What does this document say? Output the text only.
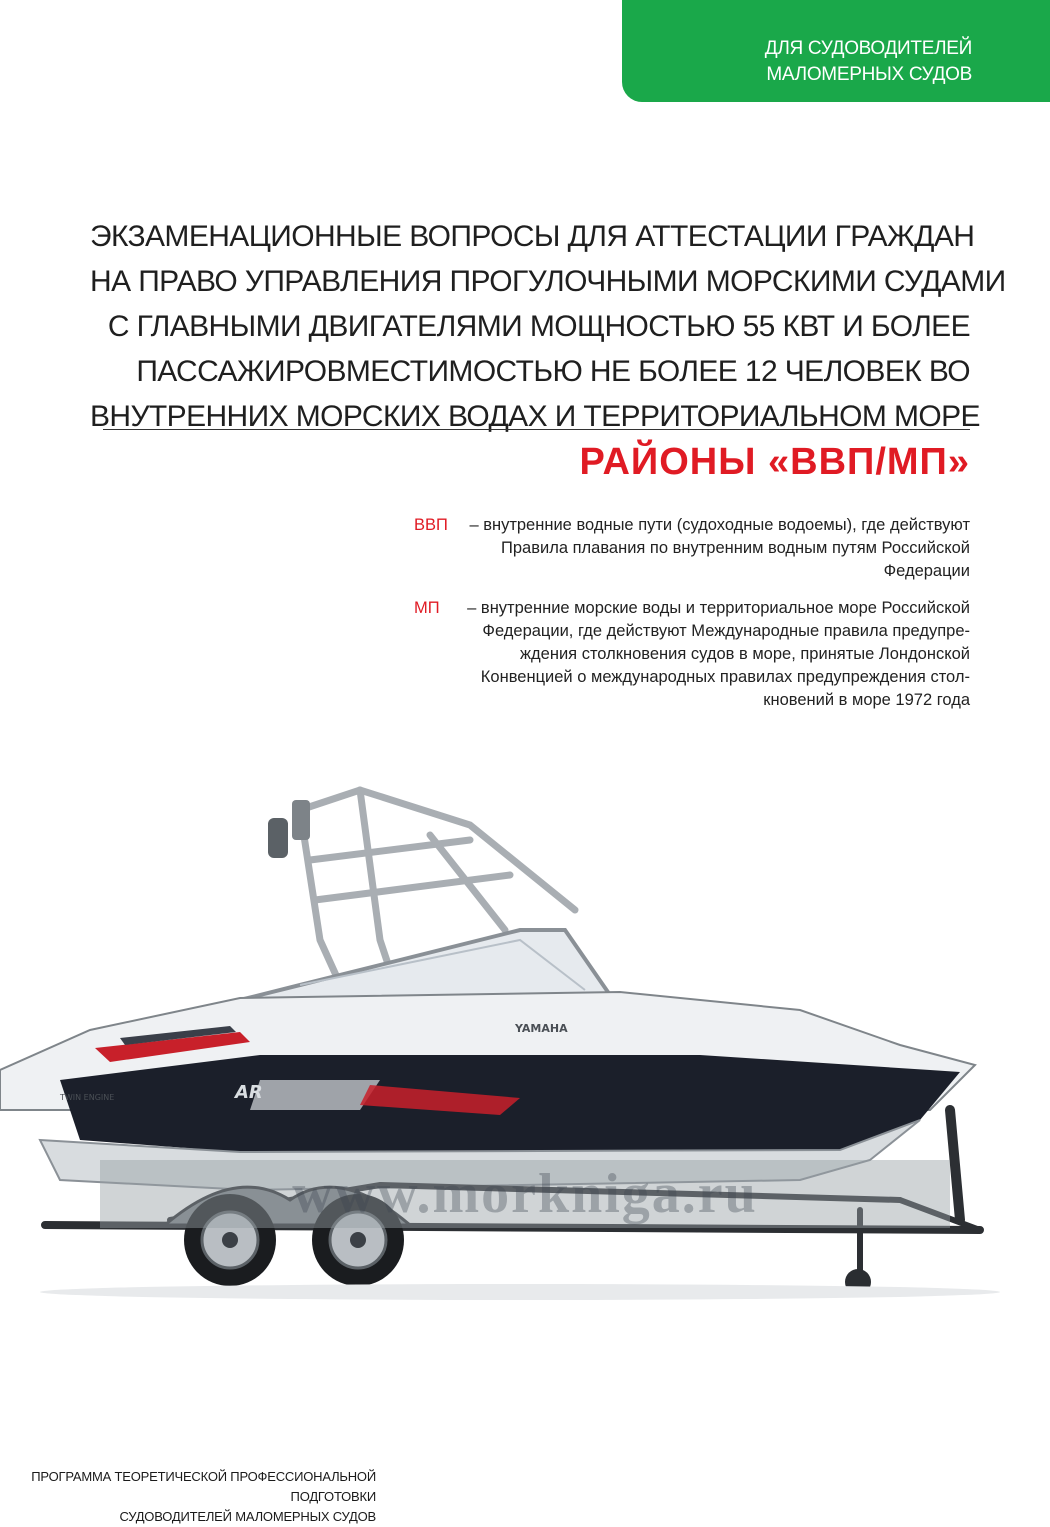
ДЛЯ СУДОВОДИТЕЛЕЙ
МАЛОМЕРНЫХ СУДОВ
ЭКЗАМЕНАЦИОННЫЕ ВОПРОСЫ ДЛЯ АТТЕСТАЦИИ ГРАЖДАН
НА ПРАВО УПРАВЛЕНИЯ ПРОГУЛОЧНЫМИ МОРСКИМИ СУДАМИ
С ГЛАВНЫМИ ДВИГАТЕЛЯМИ МОЩНОСТЬЮ 55 КВТ И БОЛЕЕ
ПАССАЖИРОВМЕСТИМОСТЬЮ НЕ БОЛЕЕ 12 ЧЕЛОВЕК ВО
ВНУТРЕННИХ МОРСКИХ ВОДАХ И ТЕРРИТОРИАЛЬНОМ МОРЕ
РАЙОНЫ «ВВП/МП»
ВВП	– внутренние водные пути (судоходные водоемы), где действуют
Правила плавания по внутренним водным путям Российской
Федерации
МП	– внутренние морские воды и территориальное море Российской
Федерации, где действуют Международные правила предупре-
ждения столкновения судов в море, принятые Лондонской
Конвенцией о международных правилах предупреждения стол-
кновений в море 1972 года
YAMAHA
TWIN ENGINE	AR
www.morkniga.ru
ПРОГРАММА ТЕОРЕТИЧЕСКОЙ ПРОФЕССИОНАЛЬНОЙ ПОДГОТОВКИ
СУДОВОДИТЕЛЕЙ МАЛОМЕРНЫХ СУДОВ
